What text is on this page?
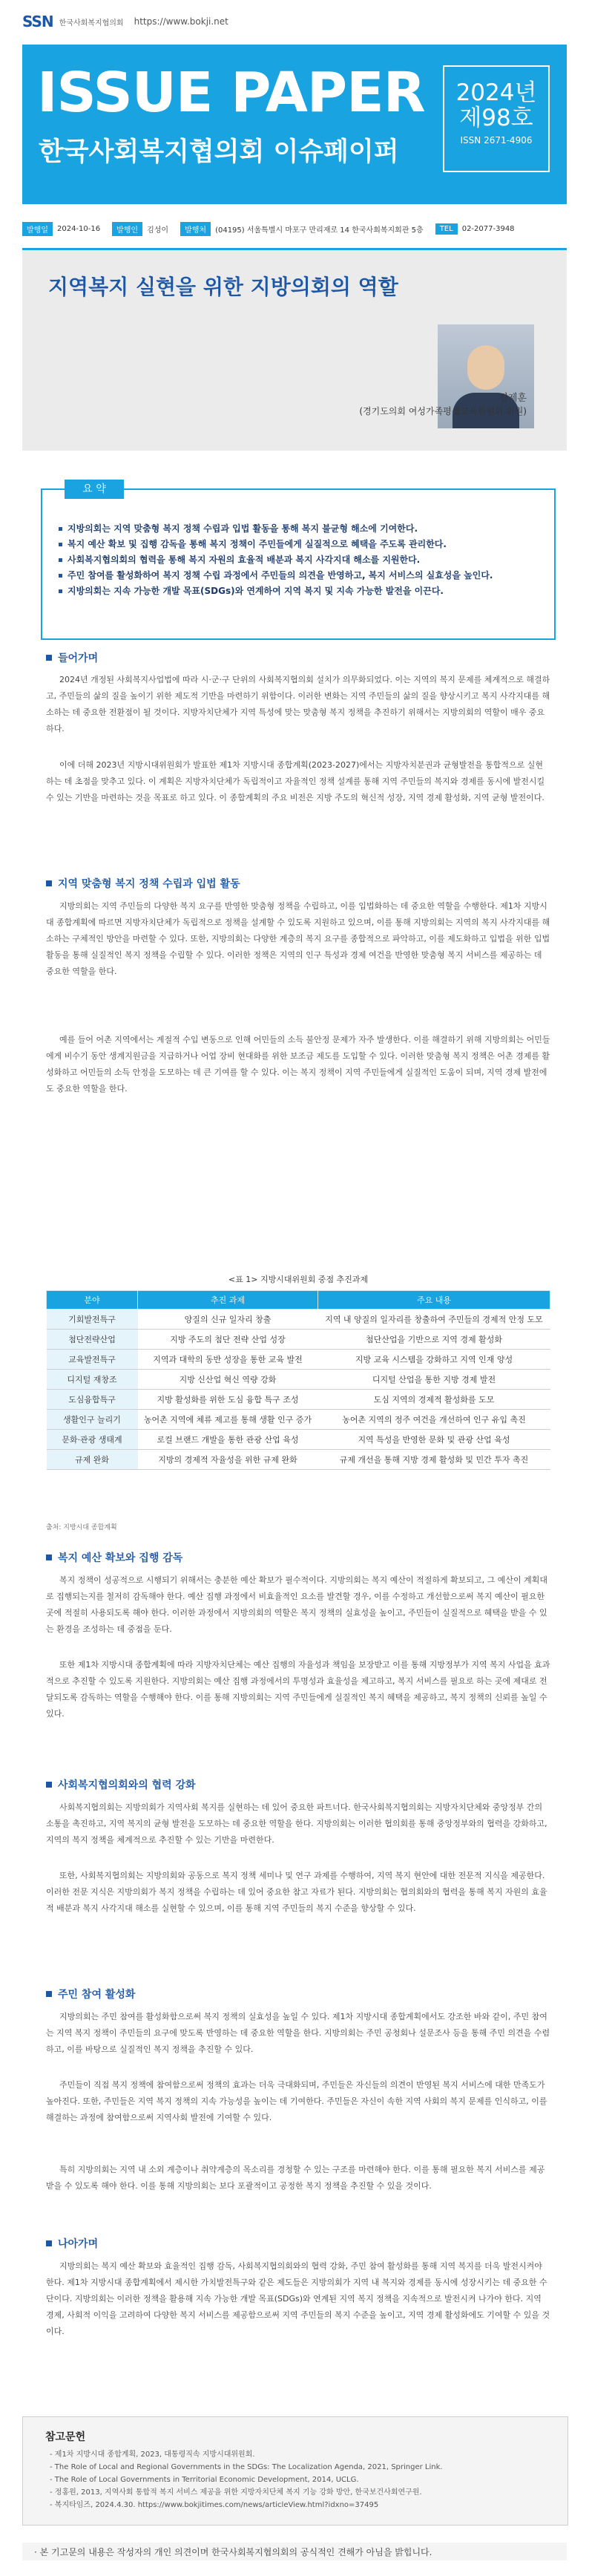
SSN 한국사회복지협의회 https://www.bokji.net
ISSUE PAPER
한국사회복지협의회 이슈페이퍼
2024년
제98호
ISSN 2671-4906
발행일	2024-10-16	발행인	김성이	발행처	(04195) 서울특별시 마포구 만리재로 14 한국사회복지회관 5층	TEL	02-2077-3948
지역복지 실현을 위한 지방의회의 역할
김제훈
(경기도의회 여성가족평생교육위원회 위원)
요 약
지방의회는 지역 맞춤형 복지 정책 수립과 입법 활동을 통해 복지 불균형 해소에 기여한다.
복지 예산 확보 및 집행 감독을 통해 복지 정책이 주민들에게 실질적으로 혜택을 주도록 관리한다.
사회복지협의회의 협력을 통해 복지 자원의 효율적 배분과 복지 사각지대 해소를 지원한다.
주민 참여를 활성화하여 복지 정책 수립 과정에서 주민들의 의견을 반영하고, 복지 서비스의 실효성을 높인다.
지방의회는 지속 가능한 개발 목표(SDGs)와 연계하여 지역 복지 및 지속 가능한 발전을 이끈다.
들어가며
2024년 개정된 사회복지사업법에 따라 시·군·구 단위의 사회복지협의회 설치가 의무화되었다. 이는 지역의 복지 문제를 체계적으로 해결하고, 주민들의 삶의 질을 높이기 위한 제도적 기반을 마련하기 위함이다. 이러한 변화는 지역 주민들의 삶의 질을 향상시키고 복지 사각지대를 해소하는 데 중요한 전환점이 될 것이다. 지방자치단체가 지역 특성에 맞는 맞춤형 복지 정책을 추진하기 위해서는 지방의회의 역할이 매우 중요하다.
이에 더해 2023년 지방시대위원회가 발표한 제1차 지방시대 종합계획(2023-2027)에서는 지방자치분권과 균형발전을 통합적으로 실현하는 데 초점을 맞추고 있다. 이 계획은 지방자치단체가 독립적이고 자율적인 정책 설계를 통해 지역 주민들의 복지와 경제를 동시에 발전시킬 수 있는 기반을 마련하는 것을 목표로 하고 있다. 이 종합계획의 주요 비전은 지방 주도의 혁신적 성장, 지역 경제 활성화, 지역 균형 발전이다.
지역 맞춤형 복지 정책 수립과 입법 활동
지방의회는 지역 주민들의 다양한 복지 요구를 반영한 맞춤형 정책을 수립하고, 이를 입법화하는 데 중요한 역할을 수행한다. 제1차 지방시대 종합계획에 따르면 지방자치단체가 독립적으로 정책을 설계할 수 있도록 지원하고 있으며, 이를 통해 지방의회는 지역의 복지 사각지대를 해소하는 구체적인 방안을 마련할 수 있다. 또한, 지방의회는 다양한 계층의 복지 요구를 종합적으로 파악하고, 이를 제도화하고 입법을 위한 입법 활동을 통해 실질적인 복지 정책을 수립할 수 있다. 이러한 정책은 지역의 인구 특성과 경제 여건을 반영한 맞춤형 복지 서비스를 제공하는 데 중요한 역할을 한다.
예를 들어 어촌 지역에서는 계절적 수입 변동으로 인해 어민들의 소득 불안정 문제가 자주 발생한다. 이를 해결하기 위해 지방의회는 어민들에게 비수기 동안 생계지원금을 지급하거나 어업 장비 현대화를 위한 보조금 제도를 도입할 수 있다. 이러한 맞춤형 복지 정책은 어촌 경제를 활성화하고 어민들의 소득 안정을 도모하는 데 큰 기여를 할 수 있다. 이는 복지 정책이 지역 주민들에게 실질적인 도움이 되며, 지역 경제 발전에도 중요한 역할을 한다.
<표 1> 지방시대위원회 중점 추진과제
분야	추진 과제	주요 내용
기회발전특구	양질의 신규 일자리 창출	지역 내 양질의 일자리를 창출하여 주민들의 경제적 안정 도모
첨단전략산업	지방 주도의 첨단 전략 산업 성장	첨단산업을 기반으로 지역 경제 활성화
교육발전특구	지역과 대학의 동반 성장을 통한 교육 발전	지방 교육 시스템을 강화하고 지역 인재 양성
디지털 재창조	지방 신산업 혁신 역량 강화	디지털 산업을 통한 지방 경제 발전
도심융합특구	지방 활성화를 위한 도심 융합 특구 조성	도심 지역의 경제적 활성화를 도모
생활인구 늘리기	농어촌 지역에 체류 제고를 통해 생활 인구 증가	농어촌 지역의 정주 여건을 개선하여 인구 유입 촉진
문화·관광 생태계	로컬 브랜드 개발을 통한 관광 산업 육성	지역 특성을 반영한 문화 및 관광 산업 육성
규제 완화	지방의 경제적 자율성을 위한 규제 완화	규제 개선을 통해 지방 경제 활성화 및 민간 투자 촉진
출처: 지방시대 종합계획
복지 예산 확보와 집행 감독
복지 정책이 성공적으로 시행되기 위해서는 충분한 예산 확보가 필수적이다. 지방의회는 복지 예산이 적절하게 확보되고, 그 예산이 계획대로 집행되는지를 철저히 감독해야 한다. 예산 집행 과정에서 비효율적인 요소를 발견할 경우, 이를 수정하고 개선함으로써 복지 예산이 필요한 곳에 적절히 사용되도록 해야 한다. 이러한 과정에서 지방의회의 역할은 복지 정책의 실효성을 높이고, 주민들이 실질적으로 혜택을 받을 수 있는 환경을 조성하는 데 중점을 둔다.
또한 제1차 지방시대 종합계획에 따라 지방자치단체는 예산 집행의 자율성과 책임을 보장받고 이를 통해 지방정부가 지역 복지 사업을 효과적으로 추진할 수 있도록 지원한다. 지방의회는 예산 집행 과정에서의 투명성과 효율성을 제고하고, 복지 서비스를 필요로 하는 곳에 제대로 전달되도록 감독하는 역할을 수행해야 한다. 이를 통해 지방의회는 지역 주민들에게 실질적인 복지 혜택을 제공하고, 복지 정책의 신뢰를 높일 수 있다.
사회복지협의회와의 협력 강화
사회복지협의회는 지방의회가 지역사회 복지를 실현하는 데 있어 중요한 파트너다. 한국사회복지협의회는 지방자치단체와 중앙정부 간의 소통을 촉진하고, 지역 복지의 균형 발전을 도모하는 데 중요한 역할을 한다. 지방의회는 이러한 협의회를 통해 중앙정부와의 협력을 강화하고, 지역의 복지 정책을 체계적으로 추진할 수 있는 기반을 마련한다.
또한, 사회복지협의회는 지방의회와 공동으로 복지 정책 세미나 및 연구 과제를 수행하여, 지역 복지 현안에 대한 전문적 지식을 제공한다. 이러한 전문 지식은 지방의회가 복지 정책을 수립하는 데 있어 중요한 참고 자료가 된다. 지방의회는 협의회와의 협력을 통해 복지 자원의 효율적 배분과 복지 사각지대 해소를 실현할 수 있으며, 이를 통해 지역 주민들의 복지 수준을 향상할 수 있다.
주민 참여 활성화
지방의회는 주민 참여를 활성화함으로써 복지 정책의 실효성을 높일 수 있다. 제1차 지방시대 종합계획에서도 강조한 바와 같이, 주민 참여는 지역 복지 정책이 주민들의 요구에 맞도록 반영하는 데 중요한 역할을 한다. 지방의회는 주민 공청회나 설문조사 등을 통해 주민 의견을 수렴하고, 이를 바탕으로 실질적인 복지 정책을 추진할 수 있다.
주민들이 직접 복지 정책에 참여함으로써 정책의 효과는 더욱 극대화되며, 주민들은 자신들의 의견이 반영된 복지 서비스에 대한 만족도가 높아진다. 또한, 주민들은 지역 복지 정책의 지속 가능성을 높이는 데 기여한다. 주민들은 자신이 속한 지역 사회의 복지 문제를 인식하고, 이를 해결하는 과정에 참여함으로써 지역사회 발전에 기여할 수 있다.
특히 지방의회는 지역 내 소외 계층이나 취약계층의 목소리를 경청할 수 있는 구조를 마련해야 한다. 이를 통해 필요한 복지 서비스를 제공받을 수 있도록 해야 한다. 이를 통해 지방의회는 보다 포괄적이고 공정한 복지 정책을 추진할 수 있을 것이다.
나아가며
지방의회는 복지 예산 확보와 효율적인 집행 감독, 사회복지협의회와의 협력 강화, 주민 참여 활성화를 통해 지역 복지를 더욱 발전시켜야 한다. 제1차 지방시대 종합계획에서 제시한 가치발전특구와 같은 제도들은 지방의회가 지역 내 복지와 경제를 동시에 성장시키는 데 중요한 수단이다. 지방의회는 이러한 정책을 활용해 지속 가능한 개발 목표(SDGs)와 연계된 지역 복지 정책을 지속적으로 발전시켜 나가야 한다. 지역 경제, 사회적 이익을 고려하여 다양한 복지 서비스를 제공함으로써 지역 주민들의 복지 수준을 높이고, 지역 경제 활성화에도 기여할 수 있을 것이다.
참고문헌
- 제1차 지방시대 종합계획, 2023, 대통령직속 지방시대위원회.
- The Role of Local and Regional Governments in the SDGs: The Localization Agenda, 2021, Springer Link.
- The Role of Local Governments in Territorial Economic Development, 2014, UCLG.
- 정홍원, 2013, 지역사회 통합적 복지 서비스 제공을 위한 지방자치단체 복지 기능 강화 방안, 한국보건사회연구원.
- 복지타임즈, 2024.4.30. https://www.bokjitimes.com/news/articleView.html?idxno=37495
· 본 기고문의 내용은 작성자의 개인 의견이며 한국사회복지협의회의 공식적인 견해가 아님을 밝힙니다.
